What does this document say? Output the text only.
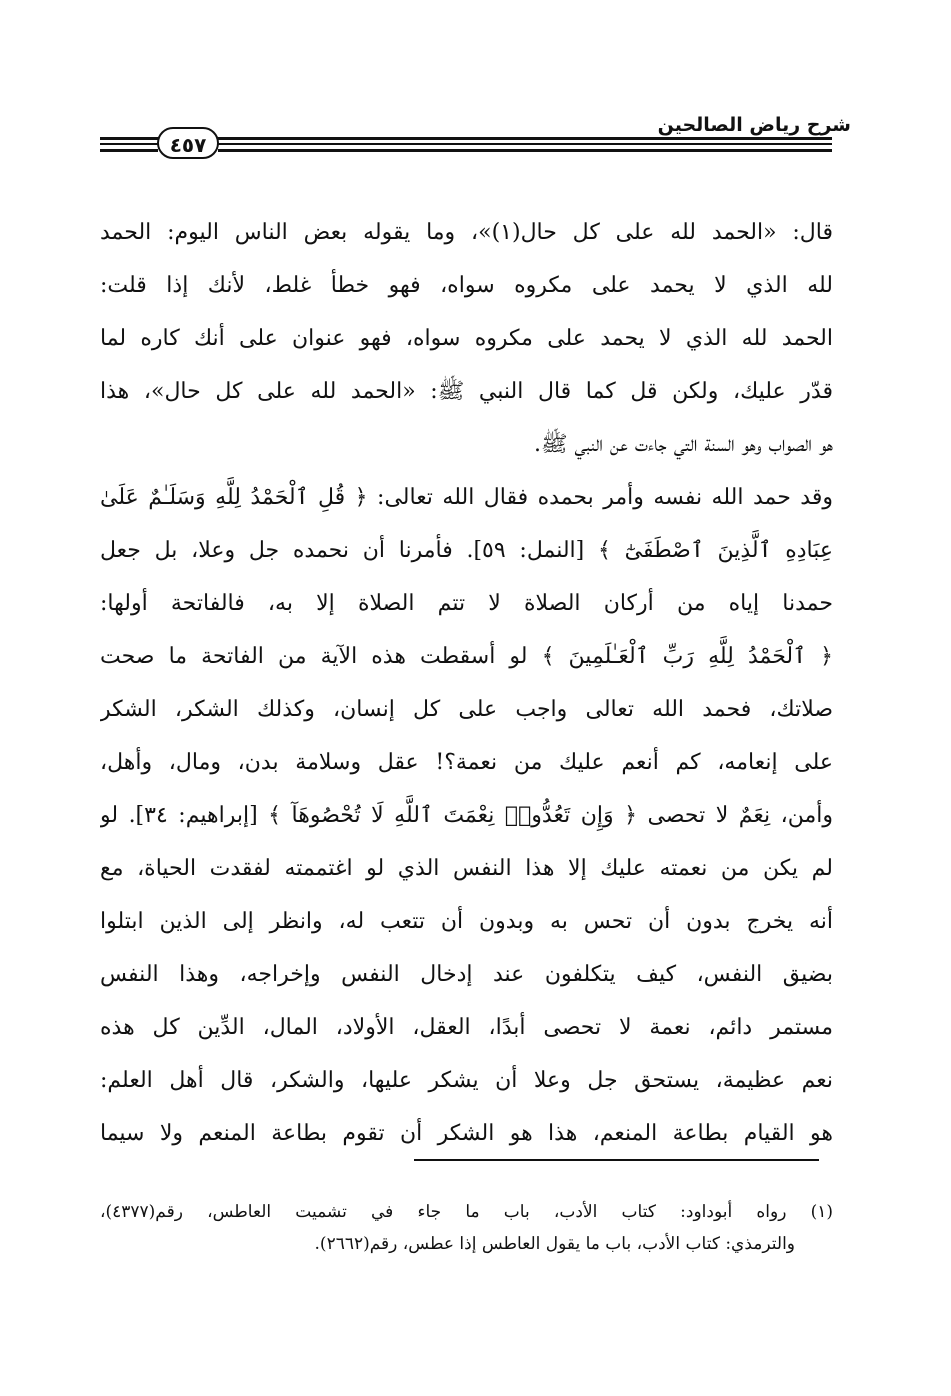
شرح رياض الصالحين
٤٥٧
قال: «الحمد لله على كل حال(١)»، وما يقوله بعض الناس اليوم: الحمد
لله الذي لا يحمد على مكروه سواه، فهو خطأ غلط، لأنك إذا قلت:
الحمد لله الذي لا يحمد على مكروه سواه، فهو عنوان على أنك كاره لما
قدّر عليك، ولكن قل كما قال النبي ﷺ: «الحمد لله على كل حال»، هذا
هو الصواب وهو السنة التي جاءت عن النبي ﷺ.
وقد حمد الله نفسه وأمر بحمده فقال الله تعالى: ﴿ قُلِ ٱلْحَمْدُ لِلَّهِ وَسَلَـٰمٌ عَلَىٰ
عِبَادِهِ ٱلَّذِينَ ٱصْطَفَىٰٓ ﴾ [النمل: ٥٩]. فأمرنا أن نحمده جل وعلا، بل جعل
حمدنا إياه من أركان الصلاة لا تتم الصلاة إلا به، فالفاتحة أولها:
﴿ ٱلْحَمْدُ لِلَّهِ رَبِّ ٱلْعَـٰلَمِينَ ﴾ لو أسقطت هذه الآية من الفاتحة ما صحت
صلاتك، فحمد الله تعالى واجب على كل إنسان، وكذلك الشكر، الشكر
على إنعامه، كم أنعم عليك من نعمة؟! عقل وسلامة بدن، ومال، وأهل،
وأمن، نِعَمٌ لا تحصى ﴿ وَإِن تَعُدُّوا۟ نِعْمَتَ ٱللَّهِ لَا تُحْصُوهَآ ﴾ [إبراهيم: ٣٤]. لو
لم يكن من نعمته عليك إلا هذا النفس الذي لو اغتممته لفقدت الحياة، مع
أنه يخرج بدون أن تحس به وبدون أن تتعب له، وانظر إلى الذين ابتلوا
بضيق النفس، كيف يتكلفون عند إدخال النفس وإخراجه، وهذا النفس
مستمر دائم، نعمة لا تحصى أبدًا، العقل، الأولاد، المال، الدِّين كل هذه
نعم عظيمة، يستحق جل وعلا أن يشكر عليها، والشكر، قال أهل العلم:
هو القيام بطاعة المنعم، هذا هو الشكر أن تقوم بطاعة المنعم ولا سيما
(١) رواه أبوداود: كتاب الأدب، باب ما جاء في تشميت العاطس، رقم(٤٣٧٧)،
والترمذي: كتاب الأدب، باب ما يقول العاطس إذا عطس، رقم(٢٦٦٢).
